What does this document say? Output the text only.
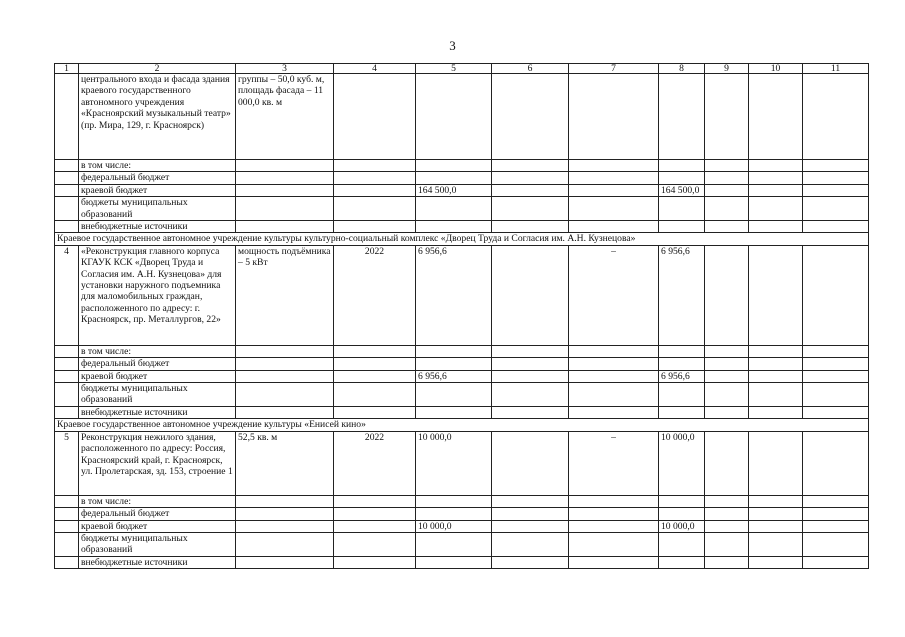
3
1	2	3	4	5	6	7	8	9	10	11
	центрального входа и фасада здания краевого государственного автономного учреждения «Красноярский музыкальный театр» (пр. Мира, 129, г. Красноярск)	группы – 50,0 куб. м, площадь фасада – 11 000,0 кв. м								
	в том числе:									
	федеральный бюджет									
	краевой бюджет			164 500,0			164 500,0			
	бюджеты муниципальных образований									
	внебюджетные источники									
Краевое государственное автономное учреждение культуры культурно-социальный комплекс «Дворец Труда и Согласия им. А.Н. Кузнецова»										
4	«Реконструкция главного корпуса КГАУК КСК «Дворец Труда и Согласия им. А.Н. Кузнецова» для установки наружного подъемника для маломобильных граждан, расположенного по адресу: г. Красноярск, пр. Металлургов, 22»	мощность подъёмника – 5 кВт	2022	6 956,6		–	6 956,6			
	в том числе:									
	федеральный бюджет									
	краевой бюджет			6 956,6			6 956,6			
	бюджеты муниципальных образований									
	внебюджетные источники									
Краевое государственное автономное учреждение культуры «Енисей кино»										
5	Реконструкция нежилого здания, расположенного по адресу: Россия, Красноярский край, г. Красноярск, ул. Пролетарская, зд. 153, строение 1	52,5 кв. м	2022	10 000,0		–	10 000,0			
	в том числе:									
	федеральный бюджет									
	краевой бюджет			10 000,0			10 000,0			
	бюджеты муниципальных образований									
	внебюджетные источники									
